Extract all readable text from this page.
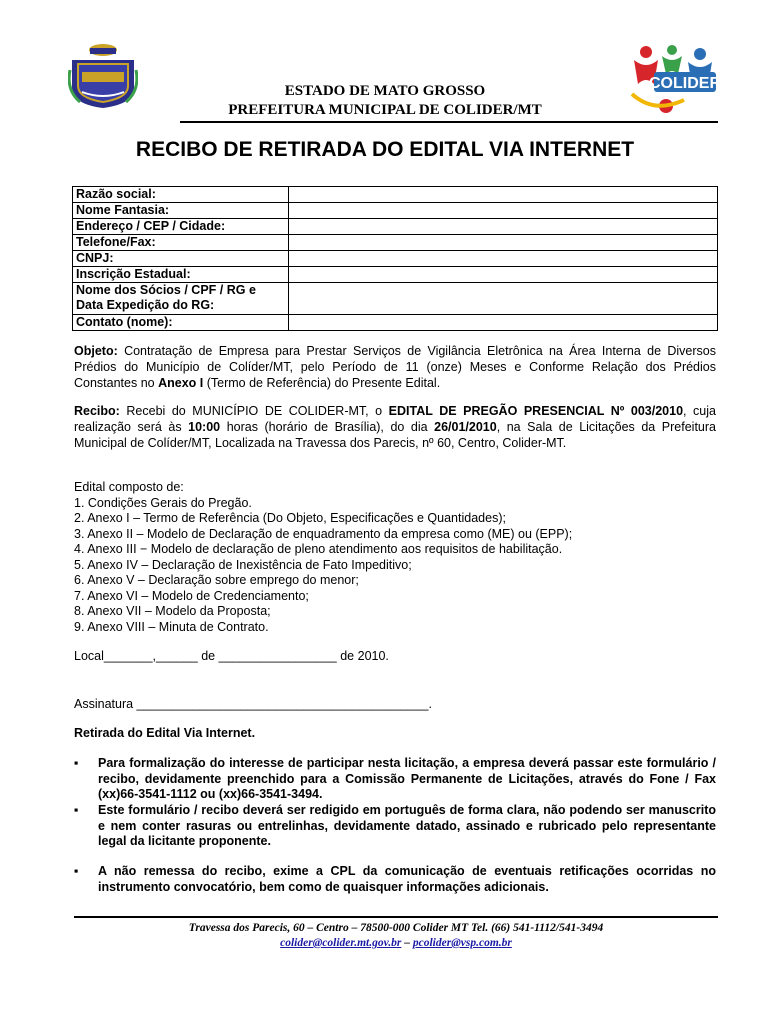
COLIDER
ESTADO DE MATO GROSSO
PREFEITURA MUNICIPAL DE COLIDER/MT
RECIBO DE RETIRADA DO EDITAL VIA INTERNET
Razão social:	
Nome Fantasia:	
Endereço / CEP / Cidade:	
Telefone/Fax:	
CNPJ:	
Inscrição Estadual:	

Nome dos Sócios / CPF / RG e
Data Expedição do RG:	

Contato (nome):	
Objeto: Contratação de Empresa para Prestar Serviços de Vigilância Eletrônica na Área Interna de Diversos Prédios do Município de Colíder/MT, pelo Período de 11 (onze) Meses e Conforme Relação dos Prédios Constantes no Anexo I (Termo de Referência) do Presente Edital.
Recibo: Recebi do MUNICÍPIO DE COLIDER-MT, o EDITAL DE PREGÃO PRESENCIAL Nº 003/2010, cuja realização será às 10:00 horas (horário de Brasília), do dia 26/01/2010, na Sala de Licitações da Prefeitura Municipal de Colíder/MT, Localizada na Travessa dos Parecis, nº 60, Centro, Colider-MT.
Edital composto de:
1. Condições Gerais do Pregão.
2. Anexo I – Termo de Referência (Do Objeto, Especificações e Quantidades);
3. Anexo II – Modelo de Declaração de enquadramento da empresa como (ME) ou (EPP);
4. Anexo III − Modelo de declaração de pleno atendimento aos requisitos de habilitação.
5. Anexo IV – Declaração de Inexistência de Fato Impeditivo;
6. Anexo V – Declaração sobre emprego do menor;
7. Anexo VI – Modelo de Credenciamento;
8. Anexo VII – Modelo da Proposta;
9. Anexo VIII – Minuta de Contrato.
Local_______,______ de _________________ de 2010.
Assinatura __________________________________________.
Retirada do Edital Via Internet.
▪	Para formalização do interesse de participar nesta licitação, a empresa deverá passar este formulário / recibo, devidamente preenchido para a Comissão Permanente de Licitações, através do Fone / Fax (xx)66-3541-1112 ou (xx)66-3541-3494.
▪	Este formulário / recibo deverá ser redigido em português de forma clara, não podendo ser manuscrito e nem conter rasuras ou entrelinhas, devidamente datado, assinado e rubricado pelo representante legal da licitante proponente.
▪	A não remessa do recibo, exime a CPL da comunicação de eventuais retificações ocorridas no instrumento convocatório, bem como de quaisquer informações adicionais.
Travessa dos Parecis, 60 – Centro – 78500-000 Colider MT Tel. (66) 541-1112/541-3494
colider@colider.mt.gov.br – pcolider@vsp.com.br
